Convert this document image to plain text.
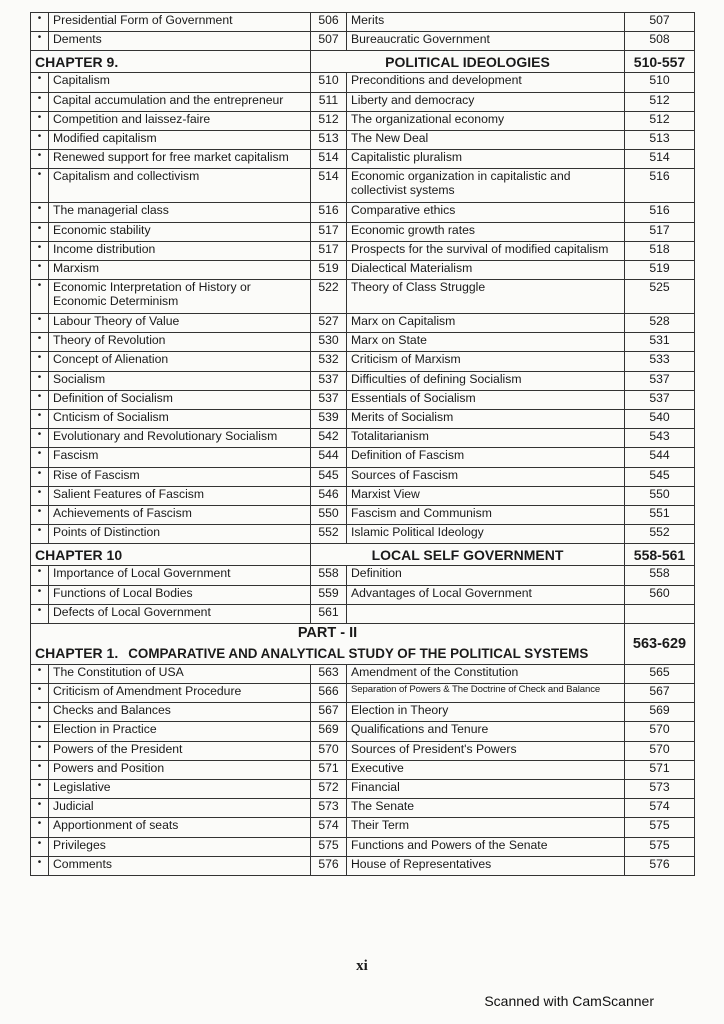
•	Presidential Form of Government	506	Merits	507
•	Dements	507	Bureaucratic Government	508
CHAPTER 9.		POLITICAL IDEOLOGIES		510-557
•	Capitalism	510	Preconditions and development	510
•	Capital accumulation and the entrepreneur	511	Liberty and democracy	512
•	Competition and laissez-faire	512	The organizational economy	512
•	Modified capitalism	513	The New Deal	513
•	Renewed support for free market capitalism	514	Capitalistic pluralism	514
•	Capitalism and collectivism	514	Economic organization in capitalistic and collectivist systems	516
•	The managerial class	516	Comparative ethics	516
•	Economic stability	517	Economic growth rates	517
•	Income distribution	517	Prospects for the survival of modified capitalism	518
•	Marxism	519	Dialectical Materialism	519
•	Economic Interpretation of History or Economic Determinism	522	Theory of Class Struggle	525
•	Labour Theory of Value	527	Marx on Capitalism	528
•	Theory of Revolution	530	Marx on State	531
•	Concept of Alienation	532	Criticism of Marxism	533
•	Socialism	537	Difficulties of defining Socialism	537
•	Definition of Socialism	537	Essentials of Socialism	537
•	Cnticism of Socialism	539	Merits of Socialism	540
•	Evolutionary and Revolutionary Socialism	542	Totalitarianism	543
•	Fascism	544	Definition of Fascism	544
•	Rise of Fascism	545	Sources of Fascism	545
•	Salient Features of Fascism	546	Marxist View	550
•	Achievements of Fascism	550	Fascism and Communism	551
•	Points of Distinction	552	Islamic Political Ideology	552
CHAPTER 10		LOCAL SELF GOVERNMENT		558-561
•	Importance of Local Government	558	Definition	558
•	Functions of Local Bodies	559	Advantages of Local Government	560
•	Defects of Local Government	561		
PART - II				563-629
CHAPTER 1. COMPARATIVE AND ANALYTICAL STUDY OF THE POLITICAL SYSTEMS				
•	The Constitution of USA	563	Amendment of the Constitution	565
•	Criticism of Amendment Procedure	566	Separation of Powers & The Doctrine of Check and Balance	567
•	Checks and Balances	567	Election in Theory	569
•	Election in Practice	569	Qualifications and Tenure	570
•	Powers of the President	570	Sources of President's Powers	570
•	Powers and Position	571	Executive	571
•	Legislative	572	Financial	573
•	Judicial	573	The Senate	574
•	Apportionment of seats	574	Their Term	575
•	Privileges	575	Functions and Powers of the Senate	575
•	Comments	576	House of Representatives	576
xi
Scanned with CamScanner
